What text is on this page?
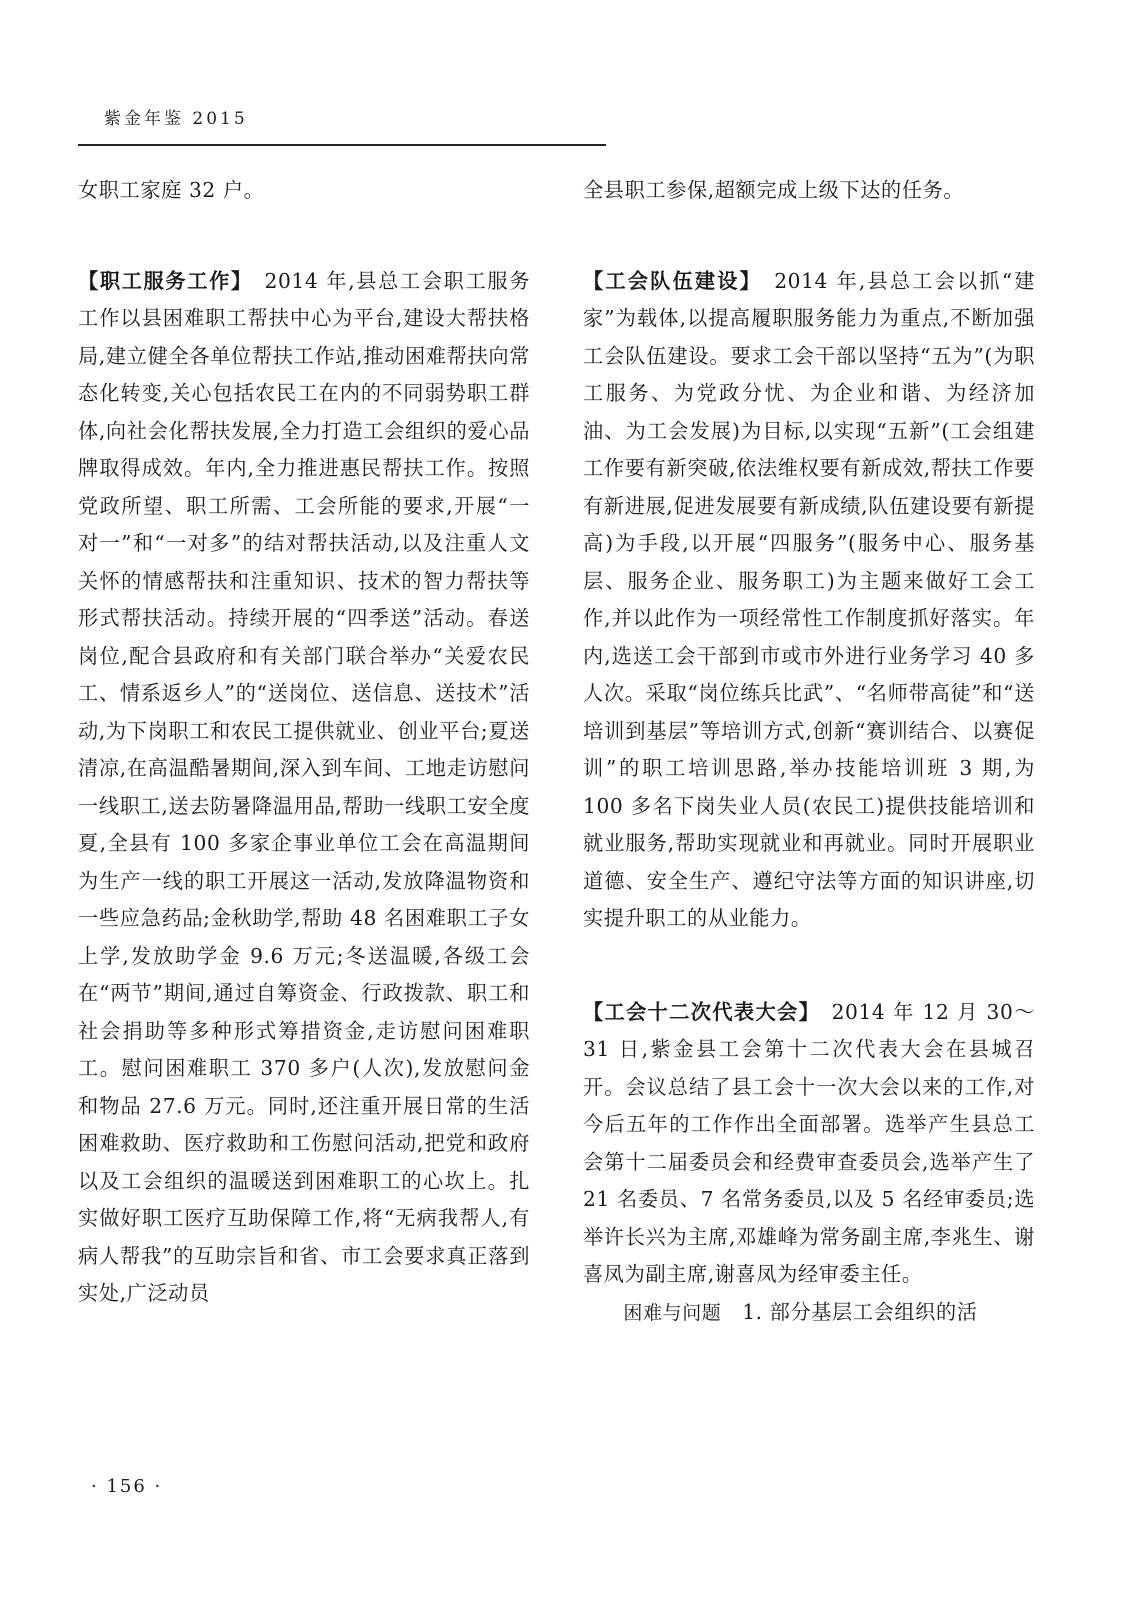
紫金年鉴 2015

女职工家庭 32 户。

【职工服务工作】　2014 年,县总工会职工服务工作以县困难职工帮扶中心为平台,建设大帮扶格局,建立健全各单位帮扶工作站,推动困难帮扶向常态化转变,关心包括农民工在内的不同弱势职工群体,向社会化帮扶发展,全力打造工会组织的爱心品牌取得成效。年内,全力推进惠民帮扶工作。按照党政所望、职工所需、工会所能的要求,开展“一对一”和“一对多”的结对帮扶活动,以及注重人文关怀的情感帮扶和注重知识、技术的智力帮扶等形式帮扶活动。持续开展的“四季送”活动。春送岗位,配合县政府和有关部门联合举办“关爱农民工、情系返乡人”的“送岗位、送信息、送技术”活动,为下岗职工和农民工提供就业、创业平台;夏送清凉,在高温酷暑期间,深入到车间、工地走访慰问一线职工,送去防暑降温用品,帮助一线职工安全度夏,全县有 100 多家企事业单位工会在高温期间为生产一线的职工开展这一活动,发放降温物资和一些应急药品;金秋助学,帮助 48 名困难职工子女上学,发放助学金 9.6 万元;冬送温暖,各级工会在“两节”期间,通过自筹资金、行政拨款、职工和社会捐助等多种形式筹措资金,走访慰问困难职工。慰问困难职工 370 多户(人次),发放慰问金和物品 27.6 万元。同时,还注重开展日常的生活困难救助、医疗救助和工伤慰问活动,把党和政府以及工会组织的温暖送到困难职工的心坎上。扎实做好职工医疗互助保障工作,将“无病我帮人,有病人帮我”的互助宗旨和省、市工会要求真正落到实处,广泛动员

全县职工参保,超额完成上级下达的任务。

【工会队伍建设】　2014 年,县总工会以抓“建家”为载体,以提高履职服务能力为重点,不断加强工会队伍建设。要求工会干部以坚持“五为”(为职工服务、为党政分忧、为企业和谐、为经济加油、为工会发展)为目标,以实现“五新”(工会组建工作要有新突破,依法维权要有新成效,帮扶工作要有新进展,促进发展要有新成绩,队伍建设要有新提高)为手段,以开展“四服务”(服务中心、服务基层、服务企业、服务职工)为主题来做好工会工作,并以此作为一项经常性工作制度抓好落实。年内,选送工会干部到市或市外进行业务学习 40 多人次。采取“岗位练兵比武”、“名师带高徒”和“送培训到基层”等培训方式,创新“赛训结合、以赛促训”的职工培训思路,举办技能培训班 3 期,为 100 多名下岗失业人员(农民工)提供技能培训和就业服务,帮助实现就业和再就业。同时开展职业道德、安全生产、遵纪守法等方面的知识讲座,切实提升职工的从业能力。

【工会十二次代表大会】　2014 年 12 月 30～31 日,紫金县工会第十二次代表大会在县城召开。会议总结了县工会十一次大会以来的工作,对今后五年的工作作出全面部署。选举产生县总工会第十二届委员会和经费审查委员会,选举产生了 21 名委员、7 名常务委员,以及 5 名经审委员;选举许长兴为主席,邓雄峰为常务副主席,李兆生、谢喜凤为副主席,谢喜凤为经审委主任。

困难与问题　1. 部分基层工会组织的活

· 156 ·
